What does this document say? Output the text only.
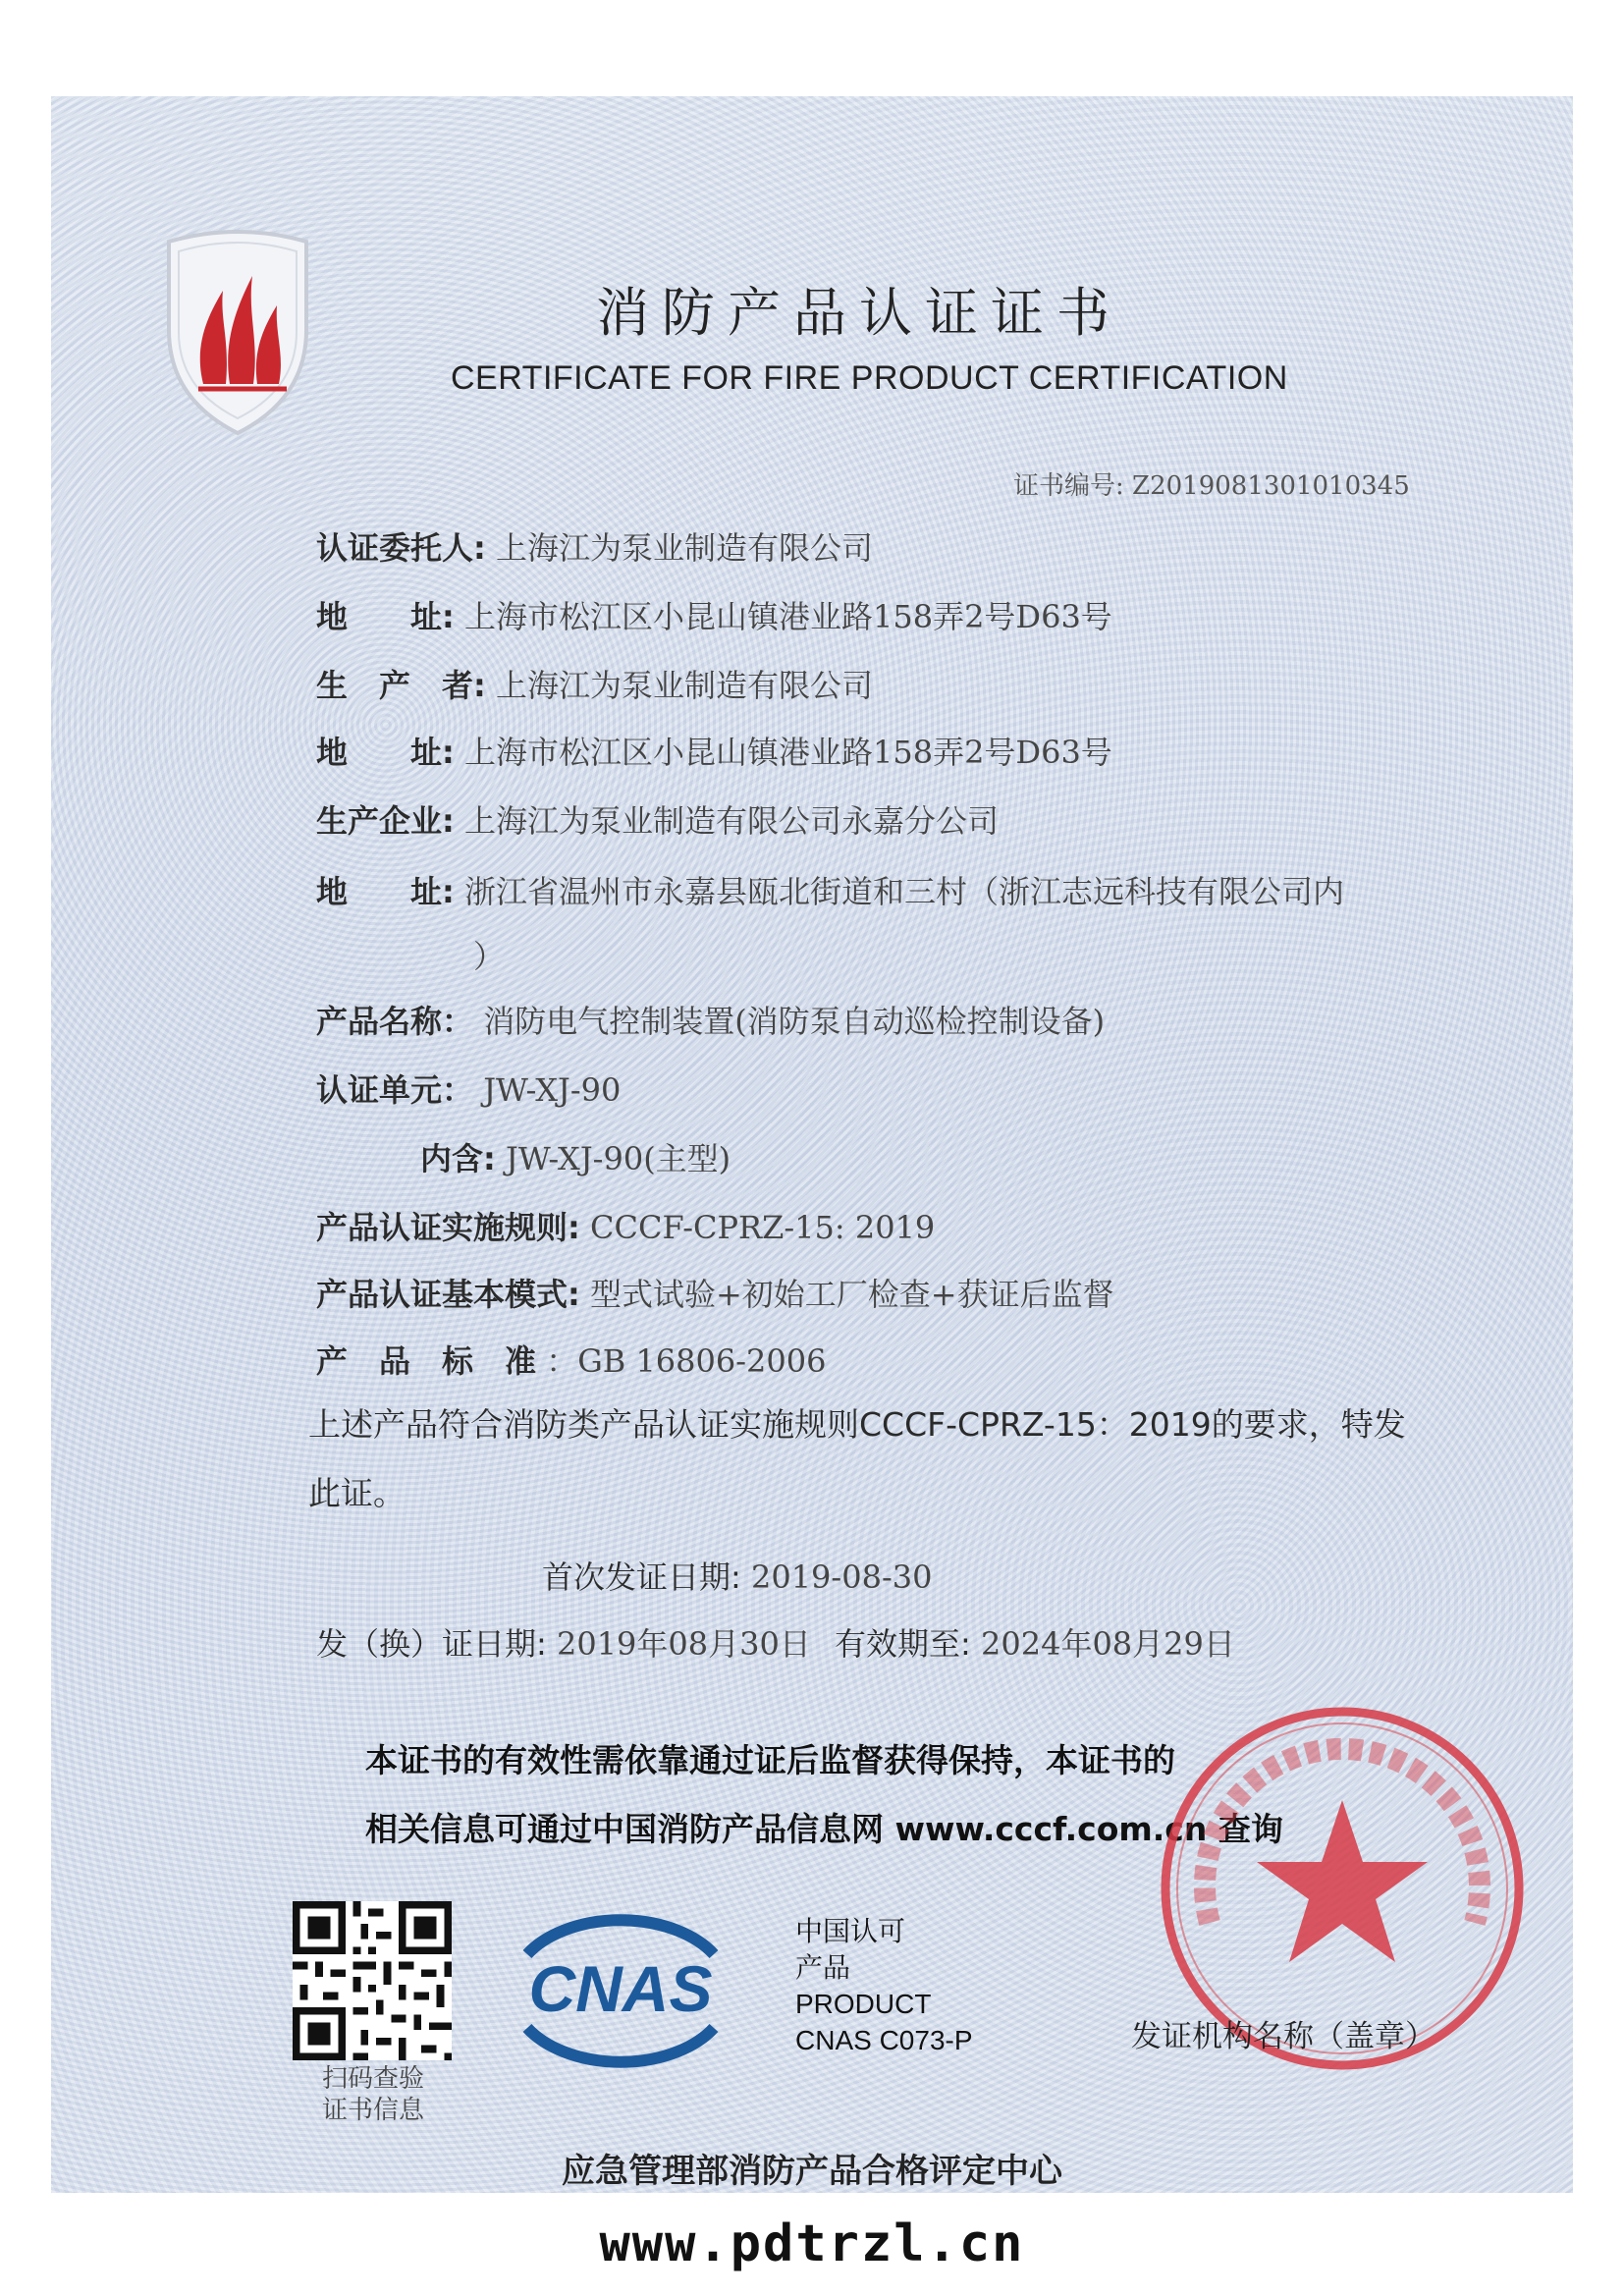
消防产品认证证书
CERTIFICATE FOR FIRE PRODUCT CERTIFICATION
证书编号: Z2019081301010345
认证委托人: 上海江为泵业制造有限公司
地　　址: 上海市松江区小昆山镇港业路158弄2号D63号
生　产　者: 上海江为泵业制造有限公司
地　　址: 上海市松江区小昆山镇港业路158弄2号D63号
生产企业: 上海江为泵业制造有限公司永嘉分公司
地　　址: 浙江省温州市永嘉县瓯北街道和三村（浙江志远科技有限公司内
）
产品名称： 消防电气控制装置(消防泵自动巡检控制设备)
认证单元： JW-XJ-90
内含: JW-XJ-90(主型)
产品认证实施规则: CCCF-CPRZ-15: 2019
产品认证基本模式: 型式试验+初始工厂检查+获证后监督
产　品　标　准 ：GB 16806-2006
上述产品符合消防类产品认证实施规则CCCF-CPRZ-15：2019的要求，特发
此证。
首次发证日期: 2019-08-30
发（换）证日期: 2019年08月30日 有效期至: 2024年08月29日
本证书的有效性需依靠通过证后监督获得保持，本证书的
相关信息可通过中国消防产品信息网 www.cccf.com.cn 查询
扫码查验
证书信息
CNAS
中国认可
产品
PRODUCT
CNAS C073-P	发证机构名称（盖章）
应急管理部消防产品合格评定中心
www.pdtrzl.cn
